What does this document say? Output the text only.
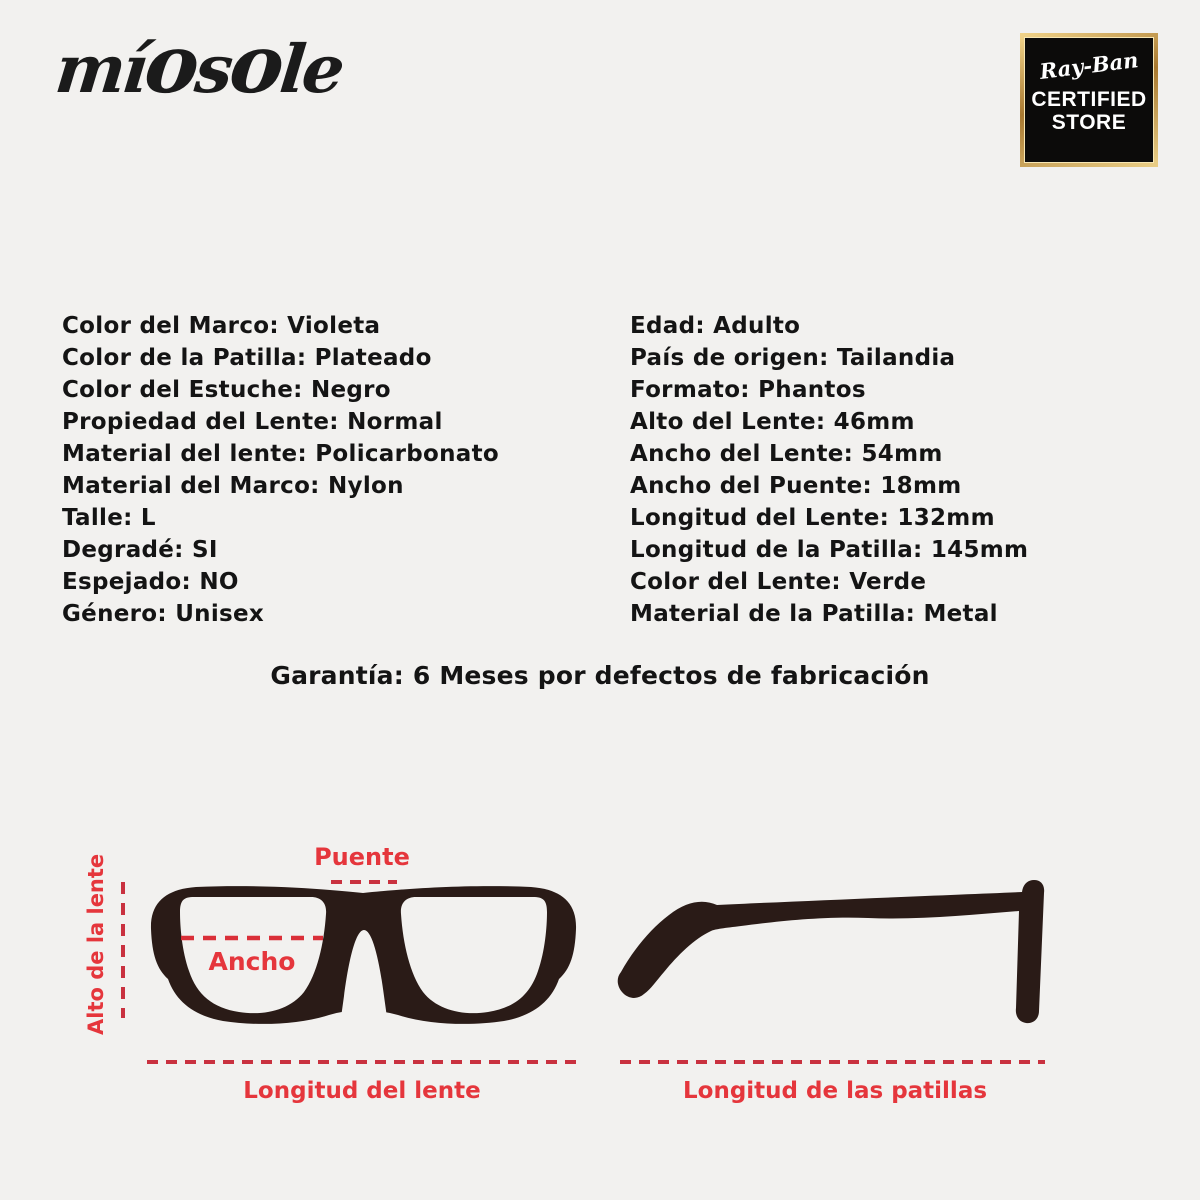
míosole	Ray-Ban
CERTIFIED
STORE
Color del Marco: Violeta
Color de la Patilla: Plateado
Color del Estuche: Negro
Propiedad del Lente: Normal
Material del lente: Policarbonato
Material del Marco: Nylon
Talle: L
Degradé: SI
Espejado: NO
Género: Unisex
Edad: Adulto
País de origen: Tailandia
Formato: Phantos
Alto del Lente: 46mm
Ancho del Lente: 54mm
Ancho del Puente: 18mm
Longitud del Lente: 132mm
Longitud de la Patilla: 145mm
Color del Lente: Verde
Material de la Patilla: Metal
Garantía: 6 Meses por defectos de fabricación
Puente
Ancho
Alto de la lente
Longitud del lente	Longitud de las patillas
